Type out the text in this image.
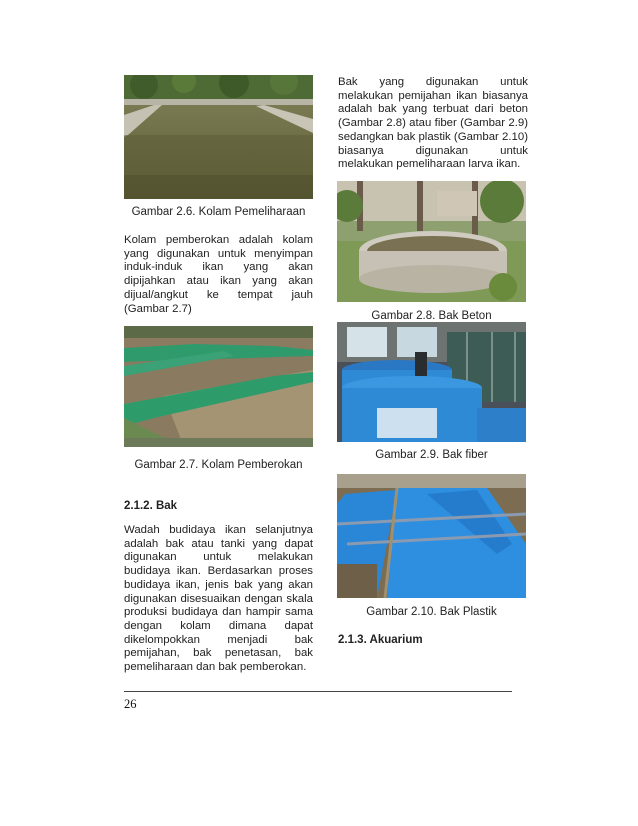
Gambar 2.6. Kolam Pemeliharaan

Kolam pemberokan adalah kolam yang digunakan untuk menyimpan induk-induk ikan yang akan dipijahkan atau ikan yang akan dijual/angkut ke tempat jauh (Gambar 2.7)

Gambar 2.7. Kolam Pemberokan
2.1.2. Bak

Wadah budidaya ikan selanjutnya adalah bak atau tanki yang dapat digunakan untuk melakukan budidaya ikan. Berdasarkan proses budidaya ikan, jenis bak yang akan digunakan disesuaikan dengan skala produksi budidaya dan hampir sama dengan kolam dimana dapat dikelompokkan menjadi bak pemijahan, bak penetasan, bak pemeliharaan dan bak pemberokan.

Bak yang digunakan untuk melakukan pemijahan ikan biasanya adalah bak yang terbuat dari beton (Gambar 2.8) atau fiber (Gambar 2.9) sedangkan bak plastik (Gambar 2.10) biasanya digunakan untuk melakukan pemeliharaan larva ikan.

Gambar 2.8. Bak Beton
Gambar 2.9. Bak fiber
Gambar 2.10. Bak Plastik
2.1.3. Akuarium
26
